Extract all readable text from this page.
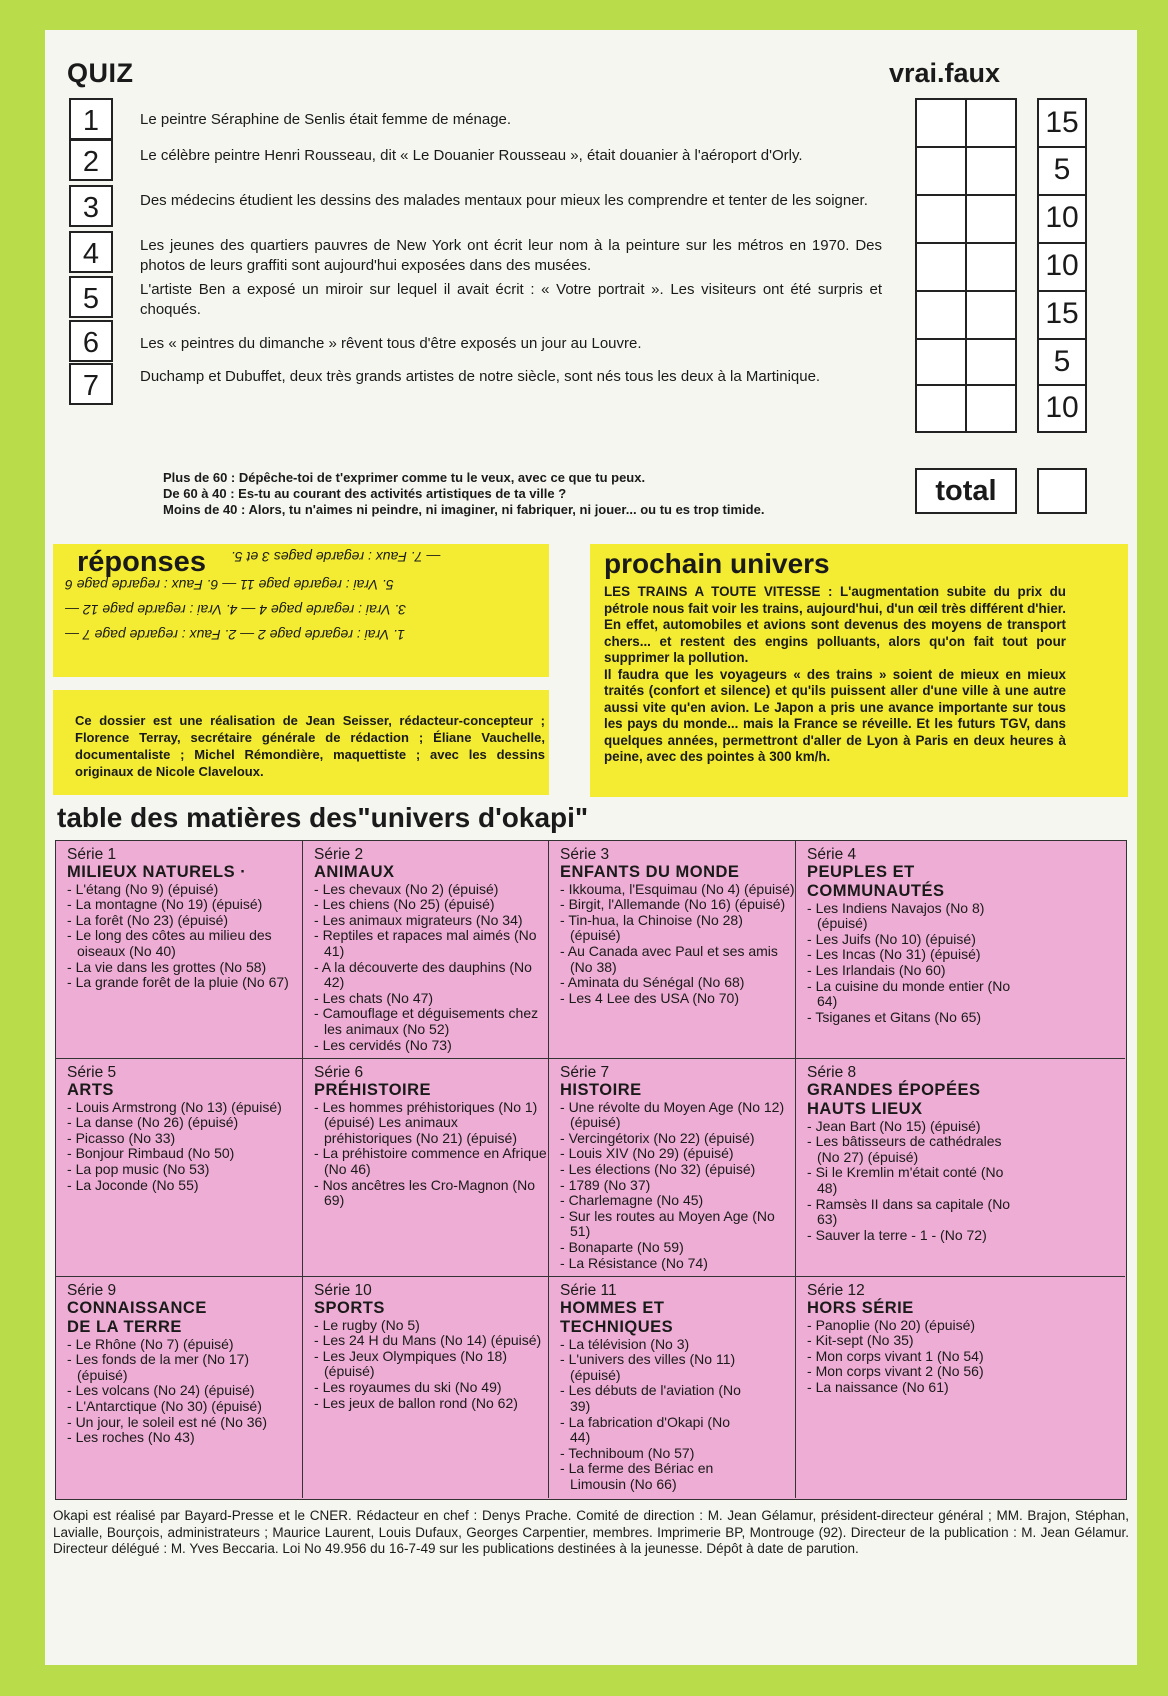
QUIZ	vrai.faux
1
2
3
4
5
6
7
Le peintre Séraphine de Senlis était femme de ménage.
Le célèbre peintre Henri Rousseau, dit « Le Douanier Rousseau », était douanier à l'aéroport d'Orly.
Des médecins étudient les dessins des malades mentaux pour mieux les comprendre et tenter de les soigner.
Les jeunes des quartiers pauvres de New York ont écrit leur nom à la peinture sur les métros en 1970. Des photos de leurs graffiti sont aujourd'hui exposées dans des musées.
L'artiste Ben a exposé un miroir sur lequel il avait écrit : « Votre portrait ». Les visiteurs ont été surpris et choqués.
Les « peintres du dimanche » rêvent tous d'être exposés un jour au Louvre.
Duchamp et Dubuffet, deux très grands artistes de notre siècle, sont nés tous les deux à la Martinique.
15
5
10
10
15
5
10
Plus de 60 : Dépêche-toi de t'exprimer comme tu le veux, avec ce que tu peux.
De 60 à 40 : Es-tu au courant des activités artistiques de ta ville ?
Moins de 40 : Alors, tu n'aimes ni peindre, ni imaginer, ni fabriquer, ni jouer... ou tu es trop timide.
total
réponses — 7. Faux : regarde pages 3 et 5.
5. Vrai : regarde page 11 — 6. Faux : regarde page 6
3. Vrai : regarde page 4 — 4. Vrai : regarde page 12 —
1. Vrai : regarde page 2 — 2. Faux : regarde page 7 —
Ce dossier est une réalisation de Jean Seisser, rédacteur-concepteur ; Florence Terray, secrétaire générale de rédaction ; Éliane Vauchelle, documentaliste ; Michel Rémondière, maquettiste ; avec les dessins originaux de Nicole Claveloux.
prochain univers
LES TRAINS A TOUTE VITESSE : L'augmentation subite du prix du pétrole nous fait voir les trains, aujourd'hui, d'un œil très différent d'hier. En effet, automobiles et avions sont devenus des moyens de transport chers... et restent des engins polluants, alors qu'on fait tout pour supprimer la pollution.
Il faudra que les voyageurs « des trains » soient de mieux en mieux traités (confort et silence) et qu'ils puissent aller d'une ville à une autre aussi vite qu'en avion. Le Japon a pris une avance importante sur tous les pays du monde... mais la France se réveille. Et les futurs TGV, dans quelques années, permettront d'aller de Lyon à Paris en deux heures à peine, avec des pointes à 300 km/h.
table des matières des"univers d'okapi"
Série 1
MILIEUX NATURELS ·
- L'étang (No 9) (épuisé)
- La montagne (No 19) (épuisé)
- La forêt (No 23) (épuisé)
- Le long des côtes au milieu des oiseaux (No 40)
- La vie dans les grottes (No 58)
- La grande forêt de la pluie (No 67)
Série 2
ANIMAUX
- Les chevaux (No 2) (épuisé)
- Les chiens (No 25) (épuisé)
- Les animaux migrateurs (No 34)
- Reptiles et rapaces mal aimés (No 41)
- A la découverte des dauphins (No 42)
- Les chats (No 47)
- Camouflage et déguisements chez les animaux (No 52)
- Les cervidés (No 73)
Série 3
ENFANTS DU MONDE
- Ikkouma, l'Esquimau (No 4) (épuisé)
- Birgit, l'Allemande (No 16) (épuisé)
- Tin-hua, la Chinoise (No 28) (épuisé)
- Au Canada avec Paul et ses amis (No 38)
- Aminata du Sénégal (No 68)
- Les 4 Lee des USA (No 70)
Série 4
PEUPLES ET COMMUNAUTÉS
- Les Indiens Navajos (No 8) (épuisé)
- Les Juifs (No 10) (épuisé)
- Les Incas (No 31) (épuisé)
- Les Irlandais (No 60)
- La cuisine du monde entier (No 64)
- Tsiganes et Gitans (No 65)
Série 5
ARTS
- Louis Armstrong (No 13) (épuisé)
- La danse (No 26) (épuisé)
- Picasso (No 33)
- Bonjour Rimbaud (No 50)
- La pop music (No 53)
- La Joconde (No 55)
Série 6
PRÉHISTOIRE
- Les hommes préhistoriques (No 1) (épuisé) Les animaux préhistoriques (No 21) (épuisé)
- La préhistoire commence en Afrique (No 46)
- Nos ancêtres les Cro-Magnon (No 69)
Série 7
HISTOIRE
- Une révolte du Moyen Age (No 12) (épuisé)
- Vercingétorix (No 22) (épuisé)
- Louis XIV (No 29) (épuisé)
- Les élections (No 32) (épuisé)
- 1789 (No 37)
- Charlemagne (No 45)
- Sur les routes au Moyen Age (No 51)
- Bonaparte (No 59)
- La Résistance (No 74)
Série 8
GRANDES ÉPOPÉES HAUTS LIEUX
- Jean Bart (No 15) (épuisé)
- Les bâtisseurs de cathédrales (No 27) (épuisé)
- Si le Kremlin m'était conté (No 48)
- Ramsès II dans sa capitale (No 63)
- Sauver la terre - 1 - (No 72)
Série 9
CONNAISSANCE DE LA TERRE
- Le Rhône (No 7) (épuisé)
- Les fonds de la mer (No 17) (épuisé)
- Les volcans (No 24) (épuisé)
- L'Antarctique (No 30) (épuisé)
- Un jour, le soleil est né (No 36)
- Les roches (No 43)
Série 10
SPORTS
- Le rugby (No 5)
- Les 24 H du Mans (No 14) (épuisé)
- Les Jeux Olympiques (No 18) (épuisé)
- Les royaumes du ski (No 49)
- Les jeux de ballon rond (No 62)
Série 11
HOMMES ET TECHNIQUES
- La télévision (No 3)
- L'univers des villes (No 11) (épuisé)
- Les débuts de l'aviation (No 39)
- La fabrication d'Okapi (No 44)
- Techniboum (No 57)
- La ferme des Bériac en Limousin (No 66)
Série 12
HORS SÉRIE
- Panoplie (No 20) (épuisé)
- Kit-sept (No 35)
- Mon corps vivant 1 (No 54)
- Mon corps vivant 2 (No 56)
- La naissance (No 61)
Okapi est réalisé par Bayard-Presse et le CNER. Rédacteur en chef : Denys Prache. Comité de direction : M. Jean Gélamur, président-directeur général ; MM. Brajon, Stéphan, Lavialle, Bourçois, administrateurs ; Maurice Laurent, Louis Dufaux, Georges Carpentier, membres. Imprimerie BP, Montrouge (92). Directeur de la publication : M. Jean Gélamur. Directeur délégué : M. Yves Beccaria. Loi No 49.956 du 16-7-49 sur les publications destinées à la jeunesse. Dépôt à date de parution.
